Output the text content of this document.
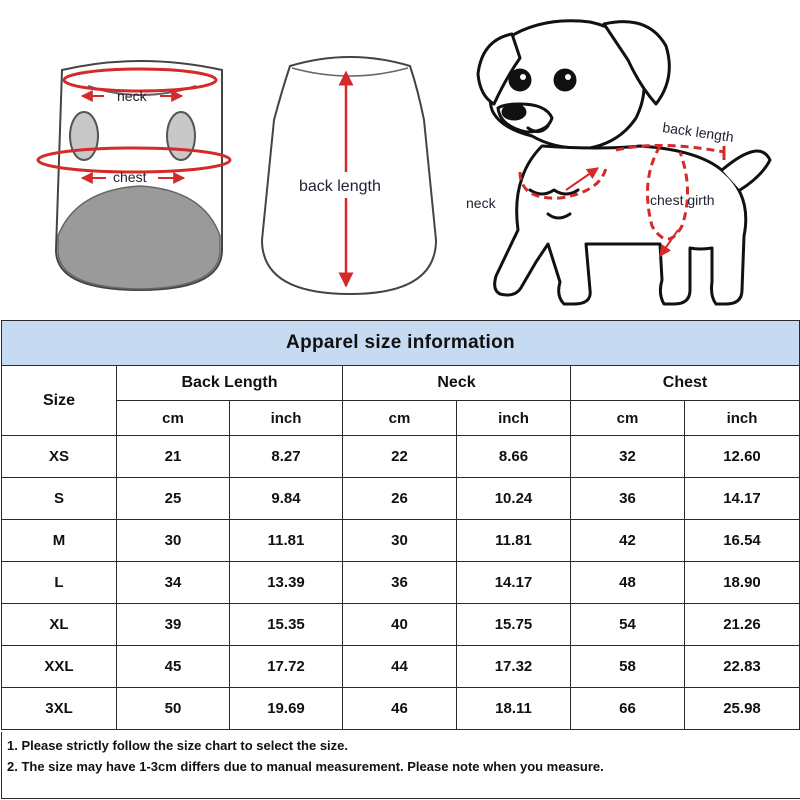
neck
chest
back length
back length
neck	chest girth
Apparel size information						
Size	Back Length		Neck		Chest	
	cm	inch	cm	inch	cm	inch
XS	21	8.27	22	8.66	32	12.60
S	25	9.84	26	10.24	36	14.17
M	30	11.81	30	11.81	42	16.54
L	34	13.39	36	14.17	48	18.90
XL	39	15.35	40	15.75	54	21.26
XXL	45	17.72	44	17.32	58	22.83
3XL	50	19.69	46	18.11	66	25.98
1. Please strictly follow the size chart to select the size.
2. The size may have 1-3cm differs due to manual measurement. Please note when you measure.
